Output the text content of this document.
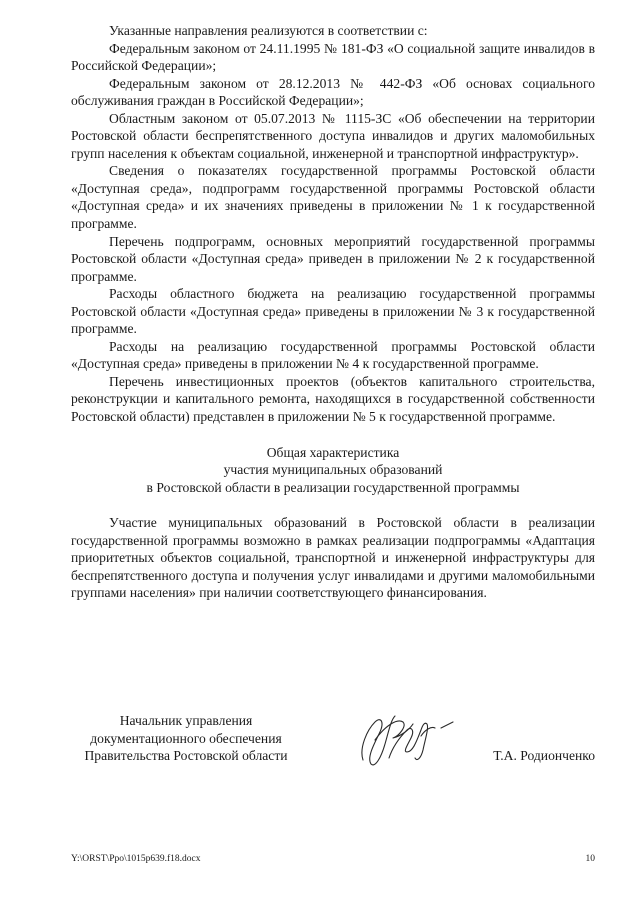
Указанные направления реализуются в соответствии с:

Федеральным законом от 24.11.1995 № 181-ФЗ «О социальной защите инвалидов в Российской Федерации»;

Федеральным законом от 28.12.2013 № 442-ФЗ «Об основах социального обслуживания граждан в Российской Федерации»;

Областным законом от 05.07.2013 № 1115-ЗС «Об обеспечении на территории Ростовской области беспрепятственного доступа инвалидов и других маломобильных групп населения к объектам социальной, инженерной и транспортной инфраструктур».

Сведения о показателях государственной программы Ростовской области «Доступная среда», подпрограмм государственной программы Ростовской области «Доступная среда» и их значениях приведены в приложении № 1 к государственной программе.

Перечень подпрограмм, основных мероприятий государственной программы Ростовской области «Доступная среда» приведен в приложении № 2 к государственной программе.

Расходы областного бюджета на реализацию государственной программы Ростовской области «Доступная среда» приведены в приложении № 3 к государственной программе.

Расходы на реализацию государственной программы Ростовской области «Доступная среда» приведены в приложении № 4 к государственной программе.

Перечень инвестиционных проектов (объектов капитального строительства, реконструкции и капитального ремонта, находящихся в государственной собственности Ростовской области) представлен в приложении № 5 к государственной программе.

Общая характеристика
участия муниципальных образований
в Ростовской области в реализации государственной программы

Участие муниципальных образований в Ростовской области в реализации государственной программы возможно в рамках реализации подпрограммы «Адаптация приоритетных объектов социальной, транспортной и инженерной инфраструктуры для беспрепятственного доступа и получения услуг инвалидами и другими маломобильными группами населения» при наличии соответствующего финансирования.

Начальник управления
документационного обеспечения
Правительства Ростовской области	Т.А. Родионченко
Y:\ORST\Ppo\1015p639.f18.docx	10
